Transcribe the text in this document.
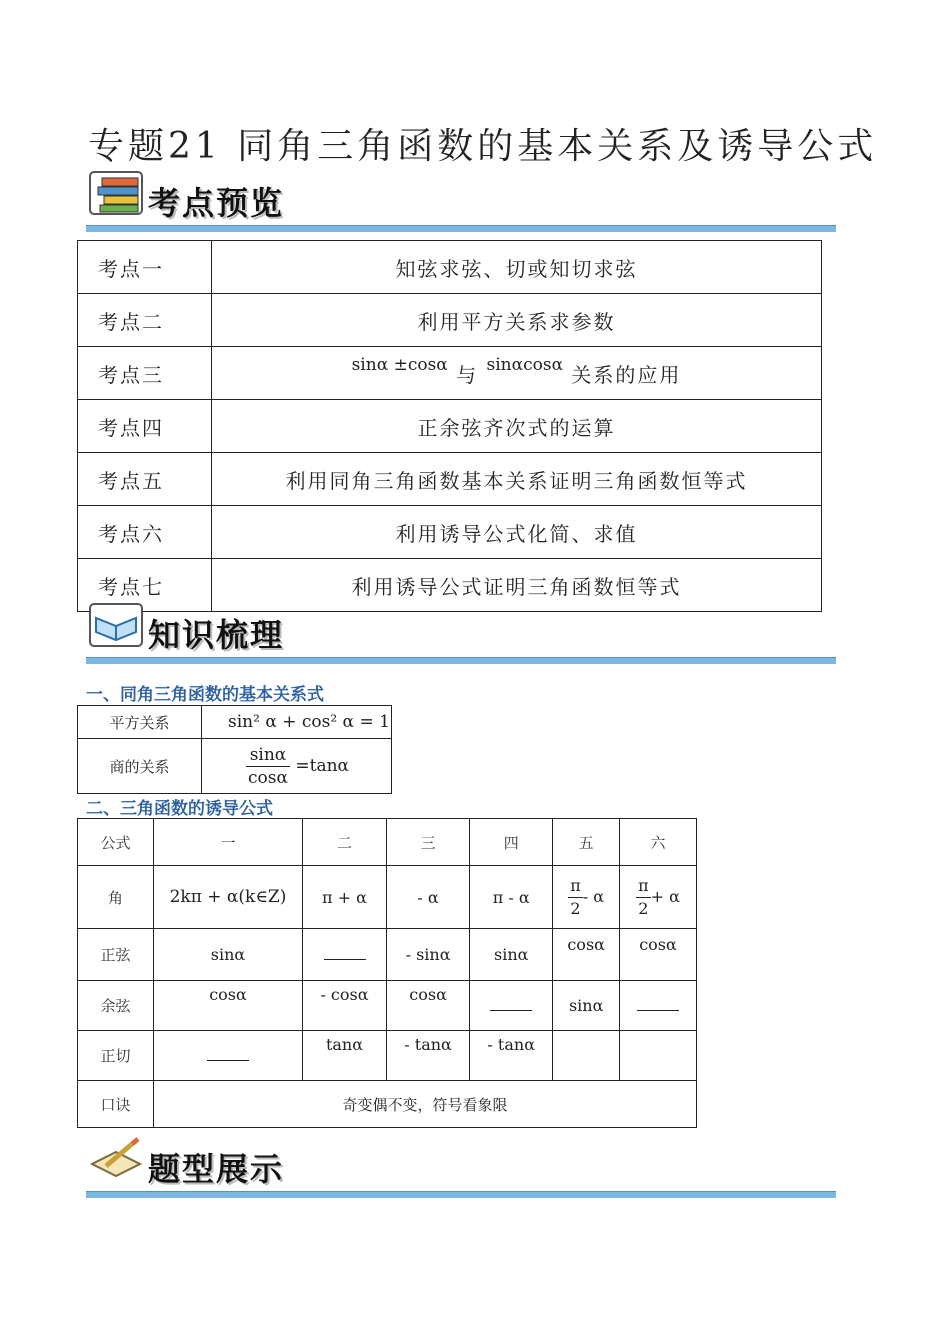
专题21 同角三角函数的基本关系及诱导公式
考点预览
考点一	知弦求弦、切或知切求弦
考点二	利用平方关系求参数
考点三	$^{sin\alpha \pm cos\alpha}$ 与 $^{sin\alpha cos\alpha}$ 关系的应用
考点四	正余弦齐次式的运算
考点五	利用同角三角函数基本关系证明三角函数恒等式
考点六	利用诱导公式化简、求值
考点七	利用诱导公式证明三角函数恒等式
知识梳理
一、同角三角函数的基本关系式
平方关系	sin² α + cos² α = 1
商的关系	$\frac{\sin\alpha}{\cos\alpha} =\tan\alpha$
二、三角函数的诱导公式
公式	一	二	三	四	五	六
角	2kπ + α(k∈Z)	π + α	- α	π - α	$\frac{\pi}{2}$ - α	$\frac{\pi}{2} + \alpha$
正弦	sinα		- sinα	sinα	cosα	cosα
余弦	cosα	- cosα	cosα		sinα	
正切		tanα	- tanα	- tanα		
口诀	奇变偶不变，符号看象限					
题型展示
